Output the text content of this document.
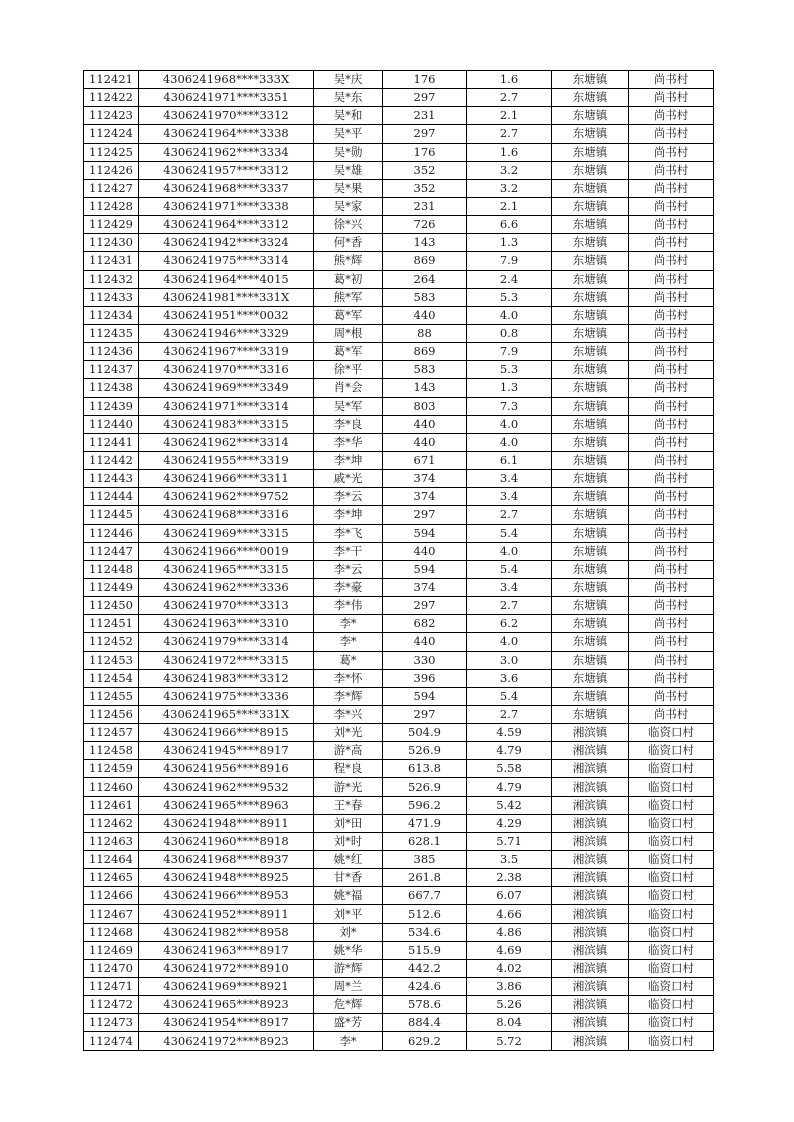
112421	4306241968****333X	吴*庆	176	1.6	东塘镇	尚书村
112422	4306241971****3351	吴*东	297	2.7	东塘镇	尚书村
112423	4306241970****3312	吴*和	231	2.1	东塘镇	尚书村
112424	4306241964****3338	吴*平	297	2.7	东塘镇	尚书村
112425	4306241962****3334	吴*勋	176	1.6	东塘镇	尚书村
112426	4306241957****3312	吴*雄	352	3.2	东塘镇	尚书村
112427	4306241968****3337	吴*果	352	3.2	东塘镇	尚书村
112428	4306241971****3338	吴*家	231	2.1	东塘镇	尚书村
112429	4306241964****3312	徐*兴	726	6.6	东塘镇	尚书村
112430	4306241942****3324	何*香	143	1.3	东塘镇	尚书村
112431	4306241975****3314	熊*辉	869	7.9	东塘镇	尚书村
112432	4306241964****4015	葛*初	264	2.4	东塘镇	尚书村
112433	4306241981****331X	熊*军	583	5.3	东塘镇	尚书村
112434	4306241951****0032	葛*军	440	4.0	东塘镇	尚书村
112435	4306241946****3329	周*根	88	0.8	东塘镇	尚书村
112436	4306241967****3319	葛*军	869	7.9	东塘镇	尚书村
112437	4306241970****3316	徐*平	583	5.3	东塘镇	尚书村
112438	4306241969****3349	肖*会	143	1.3	东塘镇	尚书村
112439	4306241971****3314	吴*军	803	7.3	东塘镇	尚书村
112440	4306241983****3315	李*良	440	4.0	东塘镇	尚书村
112441	4306241962****3314	李*华	440	4.0	东塘镇	尚书村
112442	4306241955****3319	李*坤	671	6.1	东塘镇	尚书村
112443	4306241966****3311	戚*光	374	3.4	东塘镇	尚书村
112444	4306241962****9752	李*云	374	3.4	东塘镇	尚书村
112445	4306241968****3316	李*坤	297	2.7	东塘镇	尚书村
112446	4306241969****3315	李*飞	594	5.4	东塘镇	尚书村
112447	4306241966****0019	李*干	440	4.0	东塘镇	尚书村
112448	4306241965****3315	李*云	594	5.4	东塘镇	尚书村
112449	4306241962****3336	李*豪	374	3.4	东塘镇	尚书村
112450	4306241970****3313	李*伟	297	2.7	东塘镇	尚书村
112451	4306241963****3310	李*	682	6.2	东塘镇	尚书村
112452	4306241979****3314	李*	440	4.0	东塘镇	尚书村
112453	4306241972****3315	葛*	330	3.0	东塘镇	尚书村
112454	4306241983****3312	李*怀	396	3.6	东塘镇	尚书村
112455	4306241975****3336	李*辉	594	5.4	东塘镇	尚书村
112456	4306241965****331X	李*兴	297	2.7	东塘镇	尚书村
112457	4306241966****8915	刘*光	504.9	4.59	湘滨镇	临资口村
112458	4306241945****8917	游*高	526.9	4.79	湘滨镇	临资口村
112459	4306241956****8916	程*良	613.8	5.58	湘滨镇	临资口村
112460	4306241962****9532	游*光	526.9	4.79	湘滨镇	临资口村
112461	4306241965****8963	王*春	596.2	5.42	湘滨镇	临资口村
112462	4306241948****8911	刘*田	471.9	4.29	湘滨镇	临资口村
112463	4306241960****8918	刘*时	628.1	5.71	湘滨镇	临资口村
112464	4306241968****8937	姚*红	385	3.5	湘滨镇	临资口村
112465	4306241948****8925	甘*香	261.8	2.38	湘滨镇	临资口村
112466	4306241966****8953	姚*福	667.7	6.07	湘滨镇	临资口村
112467	4306241952****8911	刘*平	512.6	4.66	湘滨镇	临资口村
112468	4306241982****8958	刘*	534.6	4.86	湘滨镇	临资口村
112469	4306241963****8917	姚*华	515.9	4.69	湘滨镇	临资口村
112470	4306241972****8910	游*辉	442.2	4.02	湘滨镇	临资口村
112471	4306241969****8921	周*兰	424.6	3.86	湘滨镇	临资口村
112472	4306241965****8923	危*辉	578.6	5.26	湘滨镇	临资口村
112473	4306241954****8917	盛*芳	884.4	8.04	湘滨镇	临资口村
112474	4306241972****8923	李*	629.2	5.72	湘滨镇	临资口村
